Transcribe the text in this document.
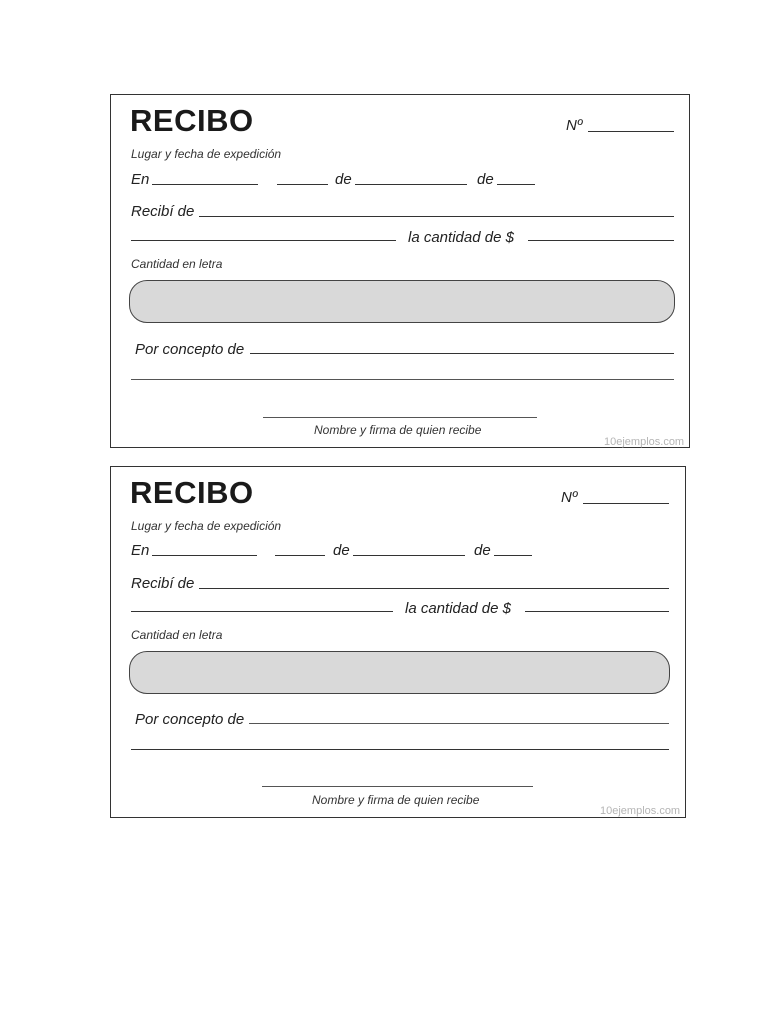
RECIBO	Nº
Lugar y fecha de expedición
En	de	de
Recibí de
la cantidad de $
Cantidad en letra
Por concepto de
Nombre y firma de quien recibe
10ejemplos.com
RECIBO	Nº
Lugar y fecha de expedición
En	de	de
Recibí de
la cantidad de $
Cantidad en letra
Por concepto de
Nombre y firma de quien recibe
10ejemplos.com
